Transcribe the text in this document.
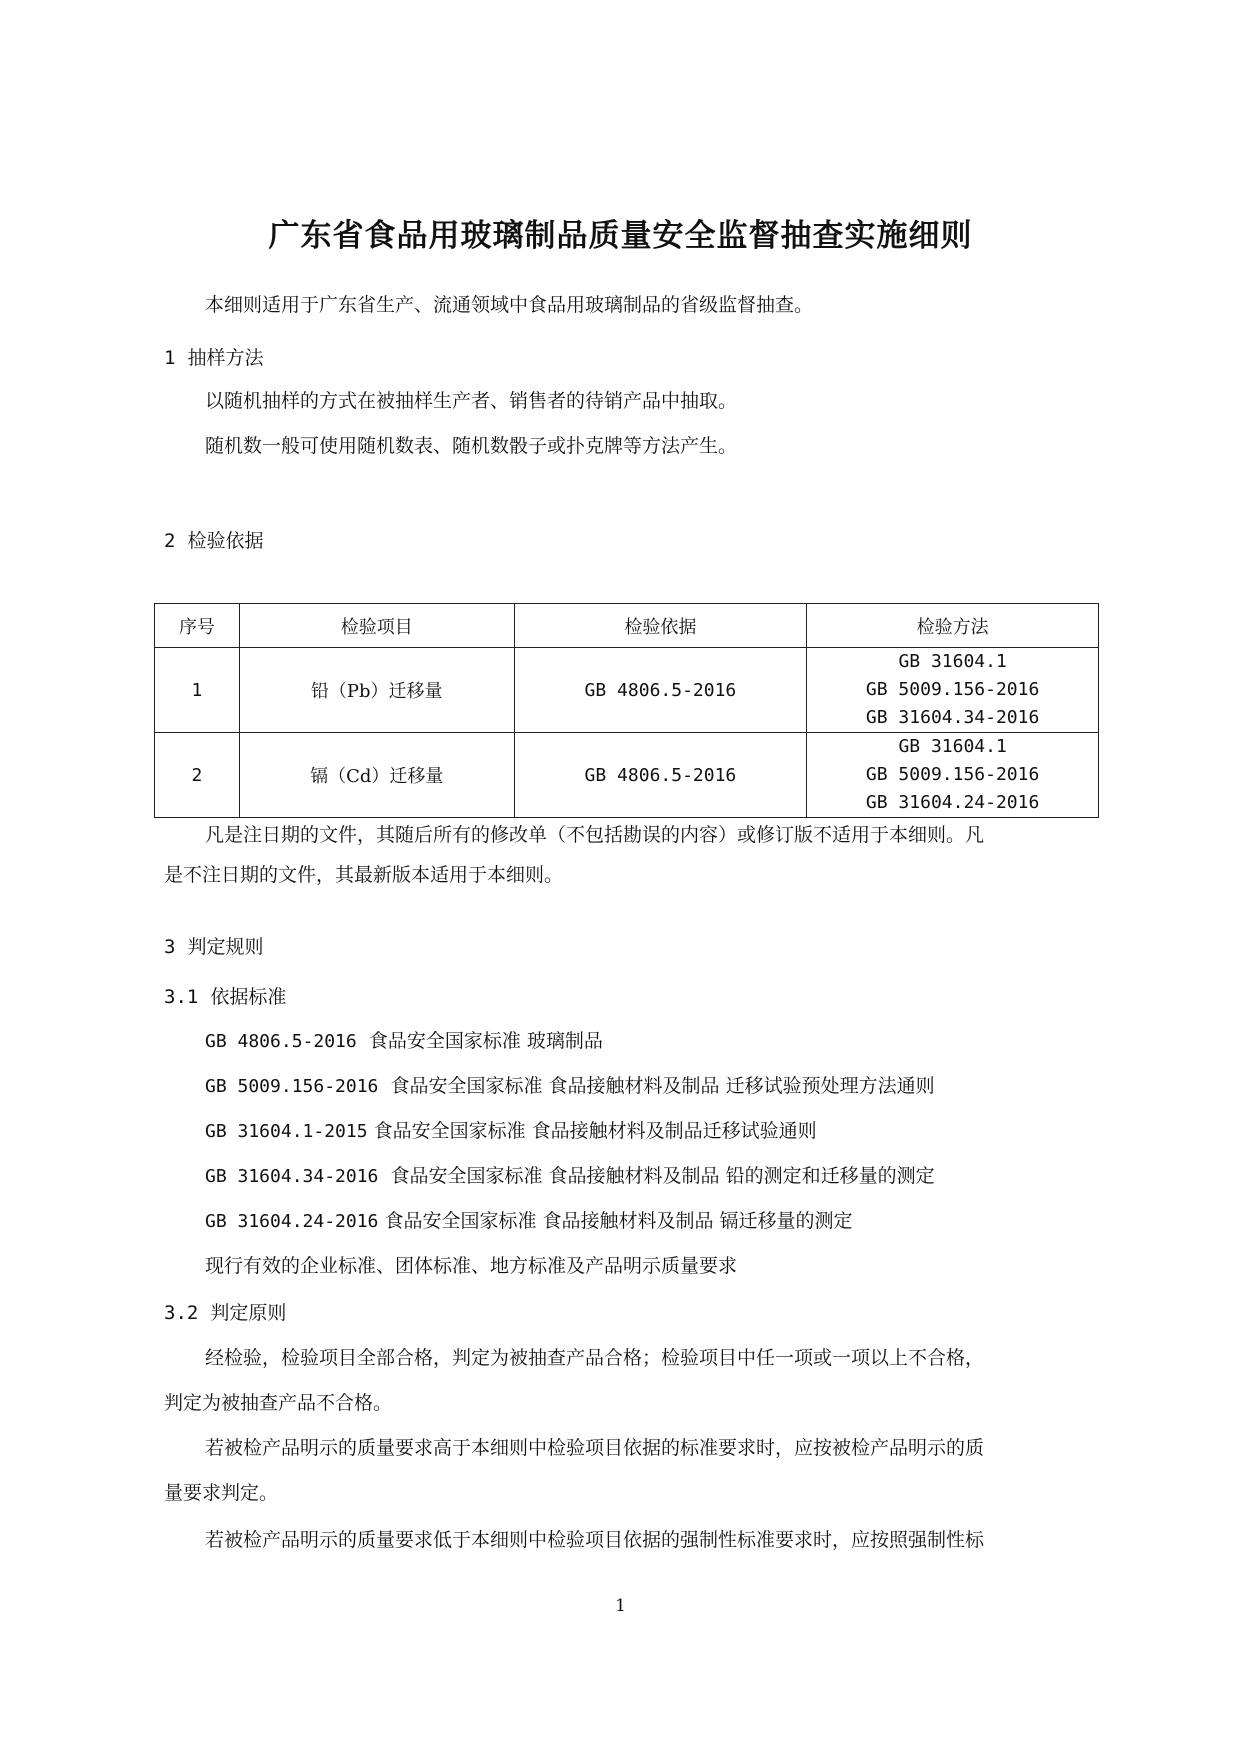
广东省食品用玻璃制品质量安全监督抽查实施细则
本细则适用于广东省生产、流通领域中食品用玻璃制品的省级监督抽查。
1 抽样方法
以随机抽样的方式在被抽样生产者、销售者的待销产品中抽取。
随机数一般可使用随机数表、随机数骰子或扑克牌等方法产生。
2 检验依据
序号	检验项目	检验依据	检验方法
1	铅（Pb）迁移量	GB 4806.5-2016	GB 31604.1
GB 5009.156-2016
GB 31604.34-2016

2	镉（Cd）迁移量	GB 4806.5-2016	GB 31604.1
GB 5009.156-2016
GB 31604.24-2016
凡是注日期的文件，其随后所有的修改单（不包括勘误的内容）或修订版不适用于本细则。凡
是不注日期的文件，其最新版本适用于本细则。
3 判定规则
3.1 依据标准
GB 4806.5-2016 食品安全国家标准 玻璃制品
GB 5009.156-2016 食品安全国家标准 食品接触材料及制品 迁移试验预处理方法通则
GB 31604.1-2015 食品安全国家标准 食品接触材料及制品迁移试验通则
GB 31604.34-2016 食品安全国家标准 食品接触材料及制品 铅的测定和迁移量的测定
GB 31604.24-2016 食品安全国家标准 食品接触材料及制品 镉迁移量的测定
现行有效的企业标准、团体标准、地方标准及产品明示质量要求
3.2 判定原则
经检验，检验项目全部合格，判定为被抽查产品合格；检验项目中任一项或一项以上不合格，
判定为被抽查产品不合格。
若被检产品明示的质量要求高于本细则中检验项目依据的标准要求时，应按被检产品明示的质
量要求判定。
若被检产品明示的质量要求低于本细则中检验项目依据的强制性标准要求时，应按照强制性标
1
